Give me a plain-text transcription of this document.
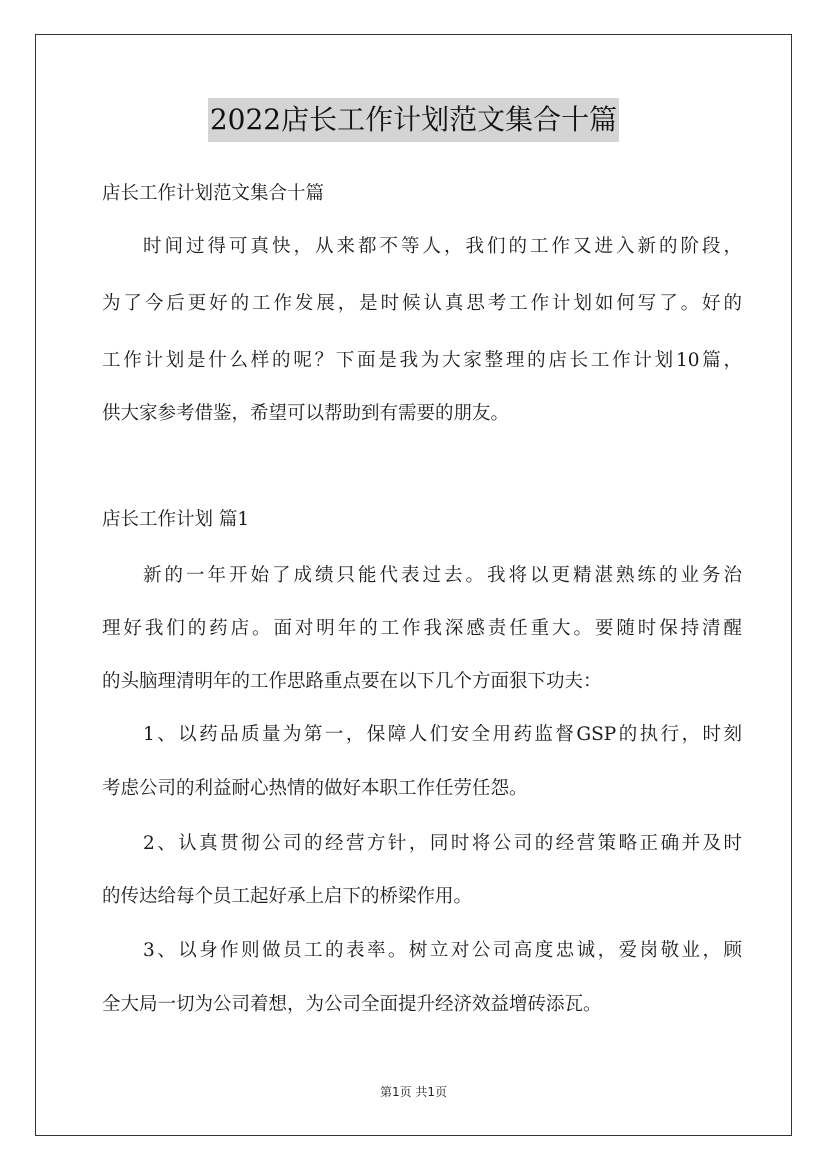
2022店长工作计划范文集合十篇
店长工作计划范文集合十篇
时间过得可真快，从来都不等人，我们的工作又进入新的阶段，
为了今后更好的工作发展，是时候认真思考工作计划如何写了。好的
工作计划是什么样的呢？下面是我为大家整理的店长工作计划10篇，
供大家参考借鉴，希望可以帮助到有需要的朋友。
店长工作计划 篇1
新的一年开始了成绩只能代表过去。我将以更精湛熟练的业务治
理好我们的药店。面对明年的工作我深感责任重大。要随时保持清醒
的头脑理清明年的工作思路重点要在以下几个方面狠下功夫：
1、以药品质量为第一，保障人们安全用药监督GSP的执行，时刻
考虑公司的利益耐心热情的做好本职工作任劳任怨。
2、认真贯彻公司的经营方针，同时将公司的经营策略正确并及时
的传达给每个员工起好承上启下的桥梁作用。
3、以身作则做员工的表率。树立对公司高度忠诚，爱岗敬业，顾
全大局一切为公司着想，为公司全面提升经济效益增砖添瓦。
第1页 共1页
